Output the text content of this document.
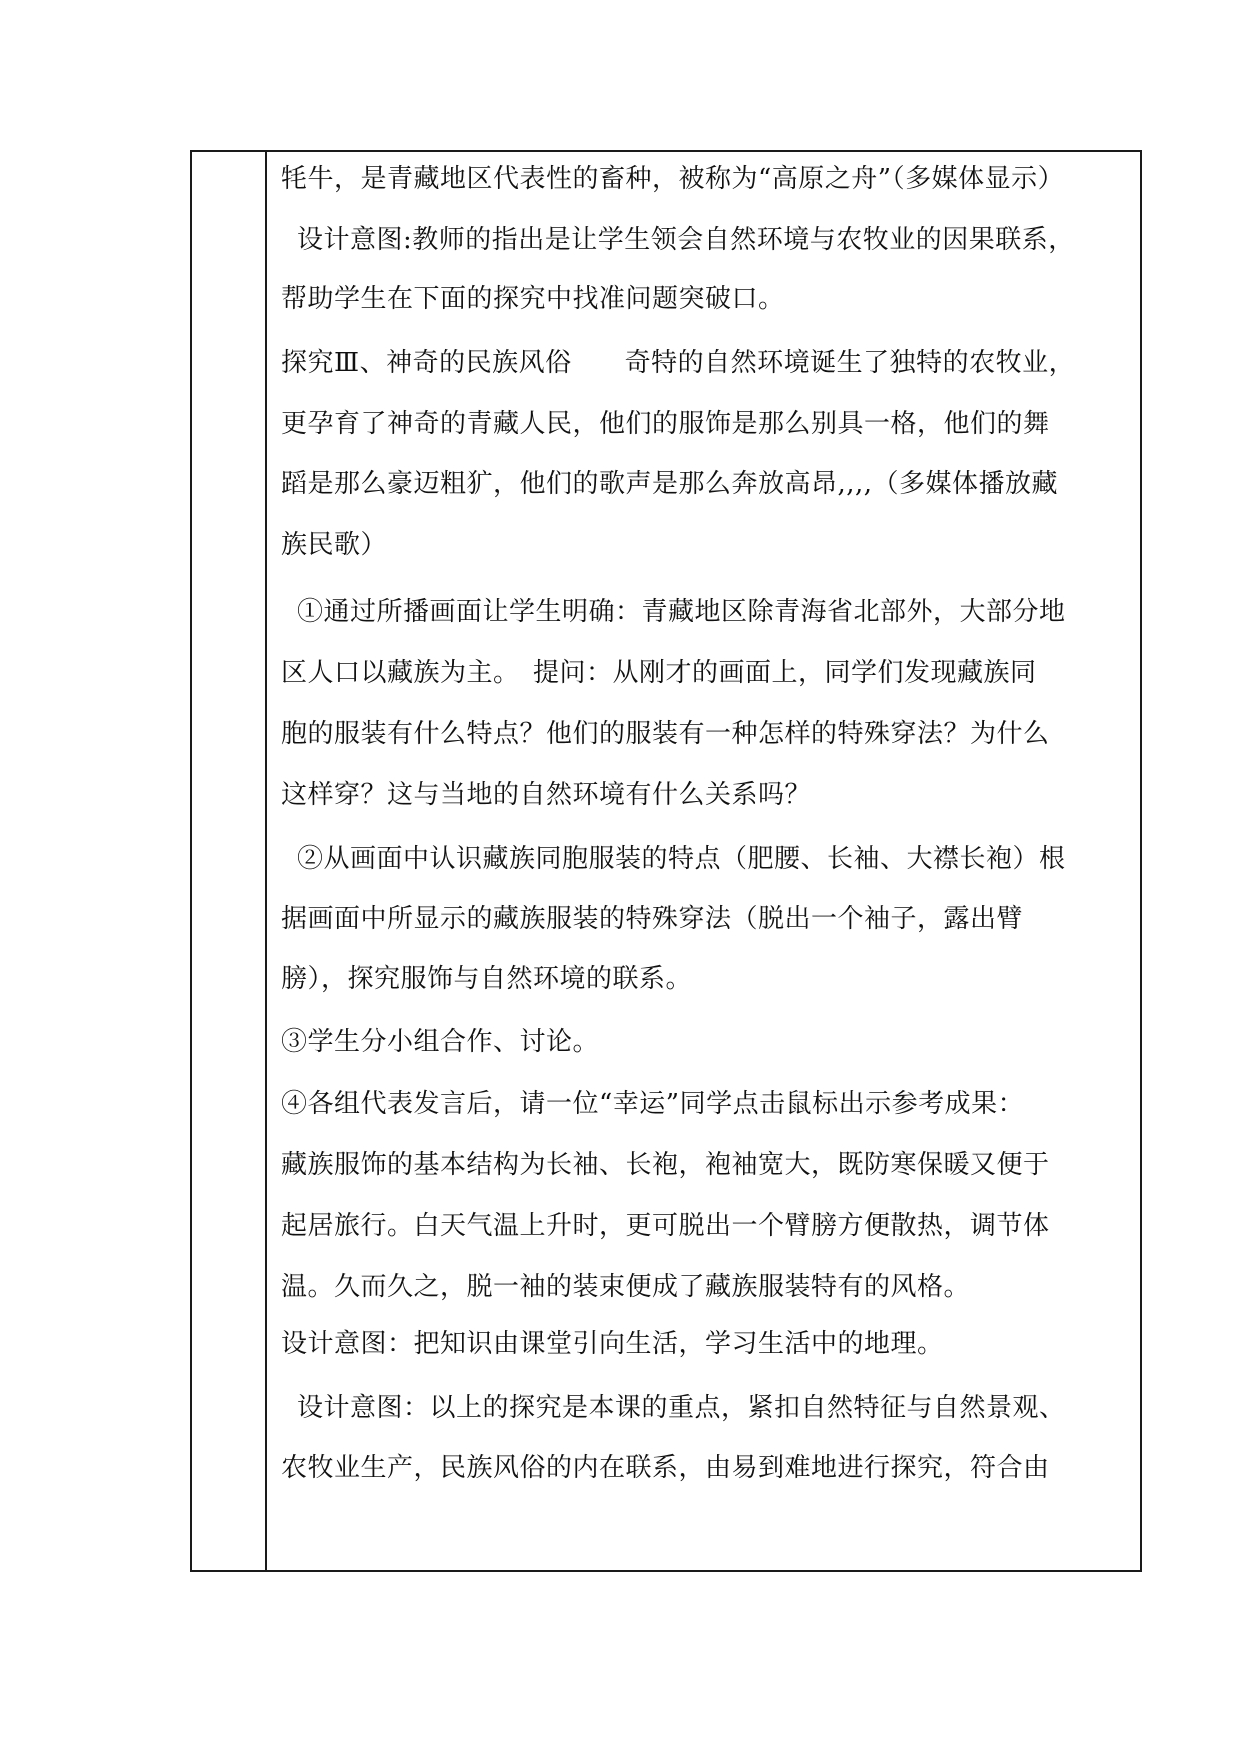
牦牛，是青藏地区代表性的畜种，被称为“高原之舟”（多媒体显示）
设计意图:教师的指出是让学生领会自然环境与农牧业的因果联系，
帮助学生在下面的探究中找准问题突破口。
探究Ⅲ、神奇的民族风俗　　奇特的自然环境诞生了独特的农牧业，
更孕育了神奇的青藏人民，他们的服饰是那么别具一格，他们的舞
蹈是那么豪迈粗犷，他们的歌声是那么奔放高昂,,,,（多媒体播放藏
族民歌）
①通过所播画面让学生明确：青藏地区除青海省北部外，大部分地
区人口以藏族为主。　提问：从刚才的画面上，同学们发现藏族同
胞的服装有什么特点？他们的服装有一种怎样的特殊穿法？为什么
这样穿？这与当地的自然环境有什么关系吗？
②从画面中认识藏族同胞服装的特点（肥腰、长袖、大襟长袍）根
据画面中所显示的藏族服装的特殊穿法（脱出一个袖子，露出臂
膀），探究服饰与自然环境的联系。
③学生分小组合作、讨论。
④各组代表发言后，请一位“幸运”同学点击鼠标出示参考成果：
藏族服饰的基本结构为长袖、长袍，袍袖宽大，既防寒保暖又便于
起居旅行。白天气温上升时，更可脱出一个臂膀方便散热，调节体
温。久而久之，脱一袖的装束便成了藏族服装特有的风格。
设计意图：把知识由课堂引向生活，学习生活中的地理。
设计意图：以上的探究是本课的重点，紧扣自然特征与自然景观、
农牧业生产，民族风俗的内在联系，由易到难地进行探究，符合由
